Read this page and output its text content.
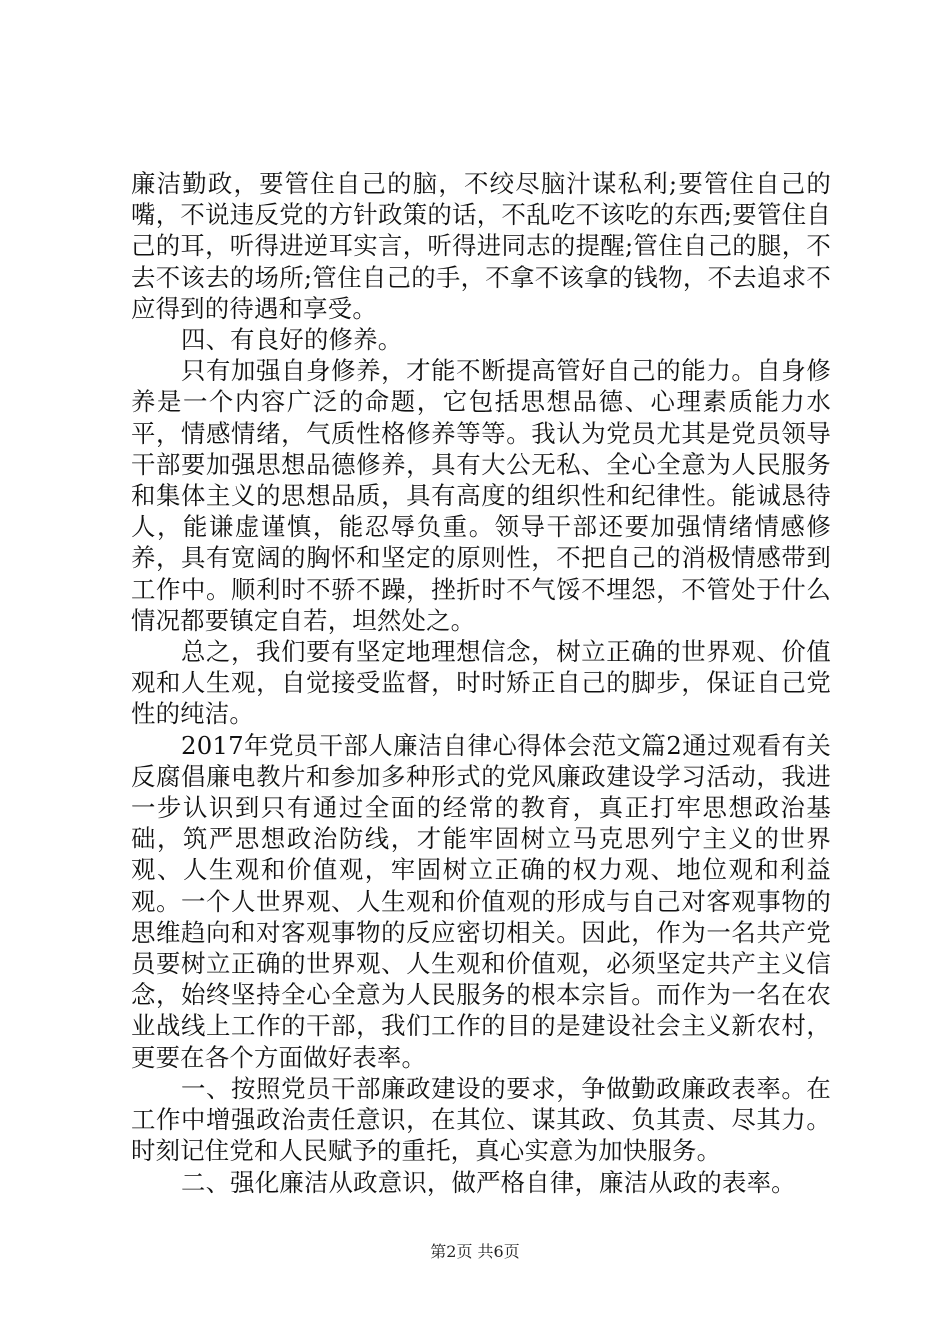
廉洁勤政，要管住自己的脑，不绞尽脑汁谋私利;要管住自己的嘴，不说违反党的方针政策的话，不乱吃不该吃的东西;要管住自己的耳，听得进逆耳实言，听得进同志的提醒;管住自己的腿，不去不该去的场所;管住自己的手，不拿不该拿的钱物，不去追求不应得到的待遇和享受。

四、有良好的修养。

只有加强自身修养，才能不断提高管好自己的能力。自身修养是一个内容广泛的命题，它包括思想品德、心理素质能力水平，情感情绪，气质性格修养等等。我认为党员尤其是党员领导干部要加强思想品德修养，具有大公无私、全心全意为人民服务和集体主义的思想品质，具有高度的组织性和纪律性。能诚恳待人，能谦虚谨慎，能忍辱负重。领导干部还要加强情绪情感修养，具有宽阔的胸怀和坚定的原则性，不把自己的消极情感带到工作中。顺利时不骄不躁，挫折时不气馁不埋怨，不管处于什么情况都要镇定自若，坦然处之。

总之，我们要有坚定地理想信念，树立正确的世界观、价值观和人生观，自觉接受监督，时时矫正自己的脚步，保证自己党性的纯洁。

2017年党员干部人廉洁自律心得体会范文篇2通过观看有关反腐倡廉电教片和参加多种形式的党风廉政建设学习活动，我进一步认识到只有通过全面的经常的教育，真正打牢思想政治基础，筑严思想政治防线，才能牢固树立马克思列宁主义的世界观、人生观和价值观，牢固树立正确的权力观、地位观和利益观。一个人世界观、人生观和价值观的形成与自己对客观事物的思维趋向和对客观事物的反应密切相关。因此，作为一名共产党员要树立正确的世界观、人生观和价值观，必须坚定共产主义信念，始终坚持全心全意为人民服务的根本宗旨。而作为一名在农业战线上工作的干部，我们工作的目的是建设社会主义新农村，更要在各个方面做好表率。

一、按照党员干部廉政建设的要求，争做勤政廉政表率。在工作中增强政治责任意识，在其位、谋其政、负其责、尽其力。时刻记住党和人民赋予的重托，真心实意为加快服务。

二、强化廉洁从政意识，做严格自律，廉洁从政的表率。

第2页 共6页
